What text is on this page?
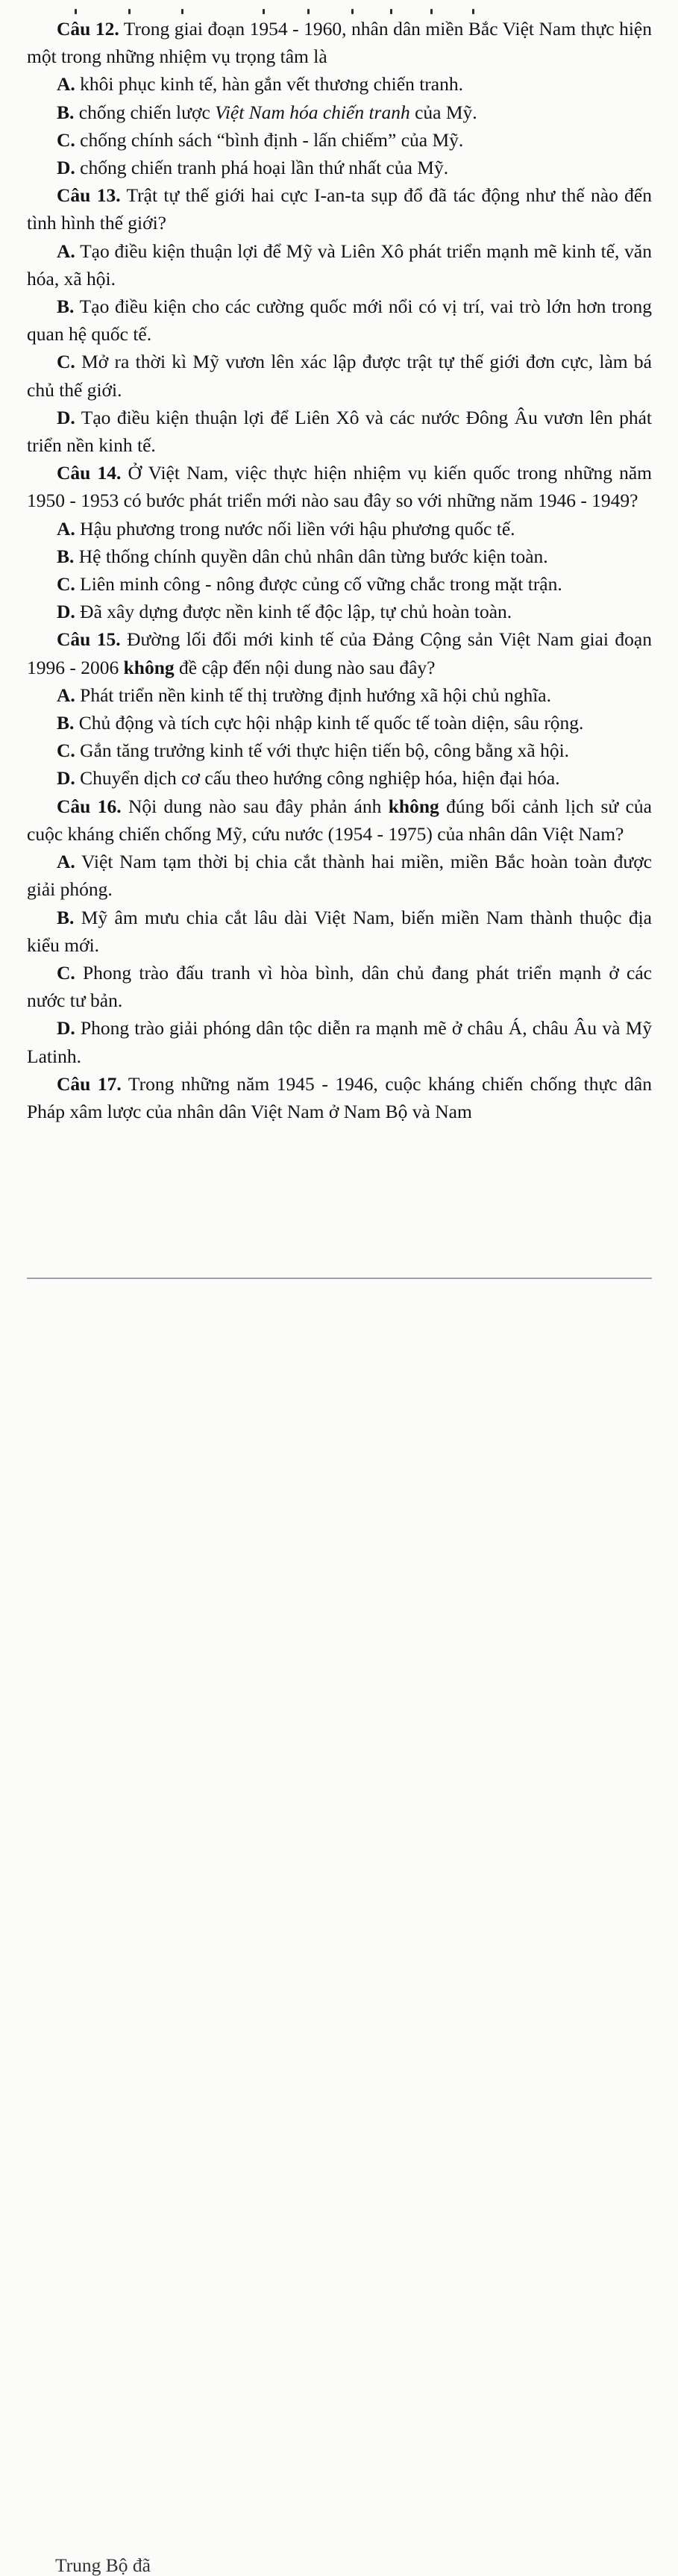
Câu 12. Trong giai đoạn 1954 - 1960, nhân dân miền Bắc Việt Nam thực hiện một trong những nhiệm vụ trọng tâm là

A. khôi phục kinh tế, hàn gắn vết thương chiến tranh.

B. chống chiến lược Việt Nam hóa chiến tranh của Mỹ.

C. chống chính sách “bình định - lấn chiếm” của Mỹ.

D. chống chiến tranh phá hoại lần thứ nhất của Mỹ.

Câu 13. Trật tự thế giới hai cực I-an-ta sụp đổ đã tác động như thế nào đến tình hình thế giới?

A. Tạo điều kiện thuận lợi để Mỹ và Liên Xô phát triển mạnh mẽ kinh tế, văn hóa, xã hội.

B. Tạo điều kiện cho các cường quốc mới nổi có vị trí, vai trò lớn hơn trong quan hệ quốc tế.

C. Mở ra thời kì Mỹ vươn lên xác lập được trật tự thế giới đơn cực, làm bá chủ thế giới.

D. Tạo điều kiện thuận lợi để Liên Xô và các nước Đông Âu vươn lên phát triển nền kinh tế.

Câu 14. Ở Việt Nam, việc thực hiện nhiệm vụ kiến quốc trong những năm 1950 - 1953 có bước phát triển mới nào sau đây so với những năm 1946 - 1949?

A. Hậu phương trong nước nối liền với hậu phương quốc tế.

B. Hệ thống chính quyền dân chủ nhân dân từng bước kiện toàn.

C. Liên minh công - nông được củng cố vững chắc trong mặt trận.

D. Đã xây dựng được nền kinh tế độc lập, tự chủ hoàn toàn.

Câu 15. Đường lối đổi mới kinh tế của Đảng Cộng sản Việt Nam giai đoạn 1996 - 2006 không đề cập đến nội dung nào sau đây?

A. Phát triển nền kinh tế thị trường định hướng xã hội chủ nghĩa.

B. Chủ động và tích cực hội nhập kinh tế quốc tế toàn diện, sâu rộng.

C. Gắn tăng trưởng kinh tế với thực hiện tiến bộ, công bằng xã hội.

D. Chuyển dịch cơ cấu theo hướng công nghiệp hóa, hiện đại hóa.

Câu 16. Nội dung nào sau đây phản ánh không đúng bối cảnh lịch sử của cuộc kháng chiến chống Mỹ, cứu nước (1954 - 1975) của nhân dân Việt Nam?

A. Việt Nam tạm thời bị chia cắt thành hai miền, miền Bắc hoàn toàn được giải phóng.

B. Mỹ âm mưu chia cắt lâu dài Việt Nam, biến miền Nam thành thuộc địa kiểu mới.

C. Phong trào đấu tranh vì hòa bình, dân chủ đang phát triển mạnh ở các nước tư bản.

D. Phong trào giải phóng dân tộc diễn ra mạnh mẽ ở châu Á, châu Âu và Mỹ Latinh.

Câu 17. Trong những năm 1945 - 1946, cuộc kháng chiến chống thực dân Pháp xâm lược của nhân dân Việt Nam ở Nam Bộ và Nam

Trung Bộ đã
